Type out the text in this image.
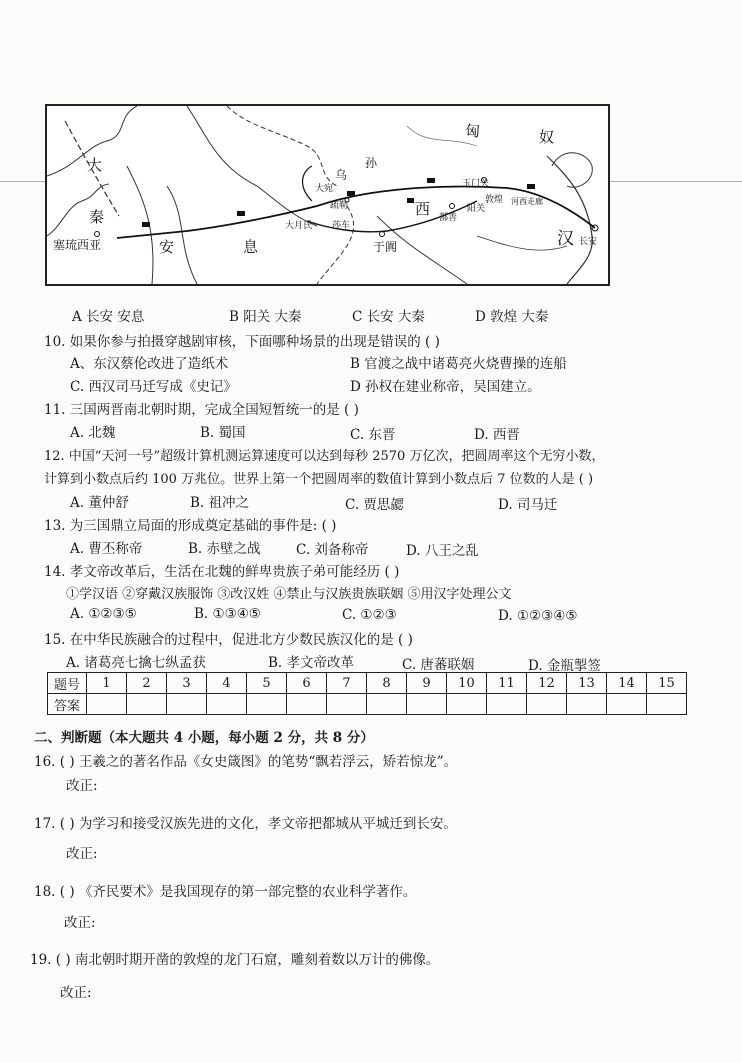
匈	奴
大
秦
塞琉西亚	安	息
乌
孙
大宛
疏勒
大月氏 莎车
西
玉门关
阳关
敦煌
鄯善
河西走廊
汉 长安
于阗
A 长安 安息	B 阳关 大秦	C 长安 大秦	D 敦煌 大秦
10. 如果你参与拍摄穿越剧审核，下面哪种场景的出现是错误的 ( )
A、东汉蔡伦改进了造纸术	B 官渡之战中诸葛亮火烧曹操的连船
C. 西汉司马迁写成《史记》	D 孙权在建业称帝，吴国建立。
11. 三国两晋南北朝时期，完成全国短暂统一的是 ( )
A. 北魏	B. 蜀国	C. 东晋	D. 西晋
12. 中国“天河一号”超级计算机测运算速度可以达到每秒 2570 万亿次，把圆周率这个无穷小数，
计算到小数点后约 100 万兆位。世界上第一个把圆周率的数值计算到小数点后 7 位数的人是 ( )
A. 董仲舒	B. 祖冲之	C. 贾思勰	D. 司马迁
13. 为三国鼎立局面的形成奠定基础的事件是: ( )
A. 曹丕称帝	B. 赤壁之战	C. 刘备称帝	D. 八王之乱
14. 孝文帝改革后，生活在北魏的鲜卑贵族子弟可能经历 ( )
①学汉语 ②穿戴汉族服饰 ③改汉姓 ④禁止与汉族贵族联姻 ⑤用汉字处理公文
A. ①②③⑤	B. ①③④⑤	C. ①②③	D. ①②③④⑤
15. 在中华民族融合的过程中，促进北方少数民族汉化的是 ( )
A. 诸葛亮七擒七纵孟获	B. 孝文帝改革	C. 唐蕃联姻	D. 金瓶掣签
题号	1	2	3	4	5	6	7	8	9	10	11	12	13	14	15
答案															
二、判断题（本大题共 4 小题，每小题 2 分，共 8 分）
16. ( ) 王羲之的著名作品《女史箴图》的笔势“飘若浮云，矫若惊龙”。
改正:
17. ( ) 为学习和接受汉族先进的文化，孝文帝把都城从平城迁到长安。
改正:
18. ( ) 《齐民要术》是我国现存的第一部完整的农业科学著作。
改正:
19. ( ) 南北朝时期开凿的敦煌的龙门石窟，雕刻着数以万计的佛像。
改正:
